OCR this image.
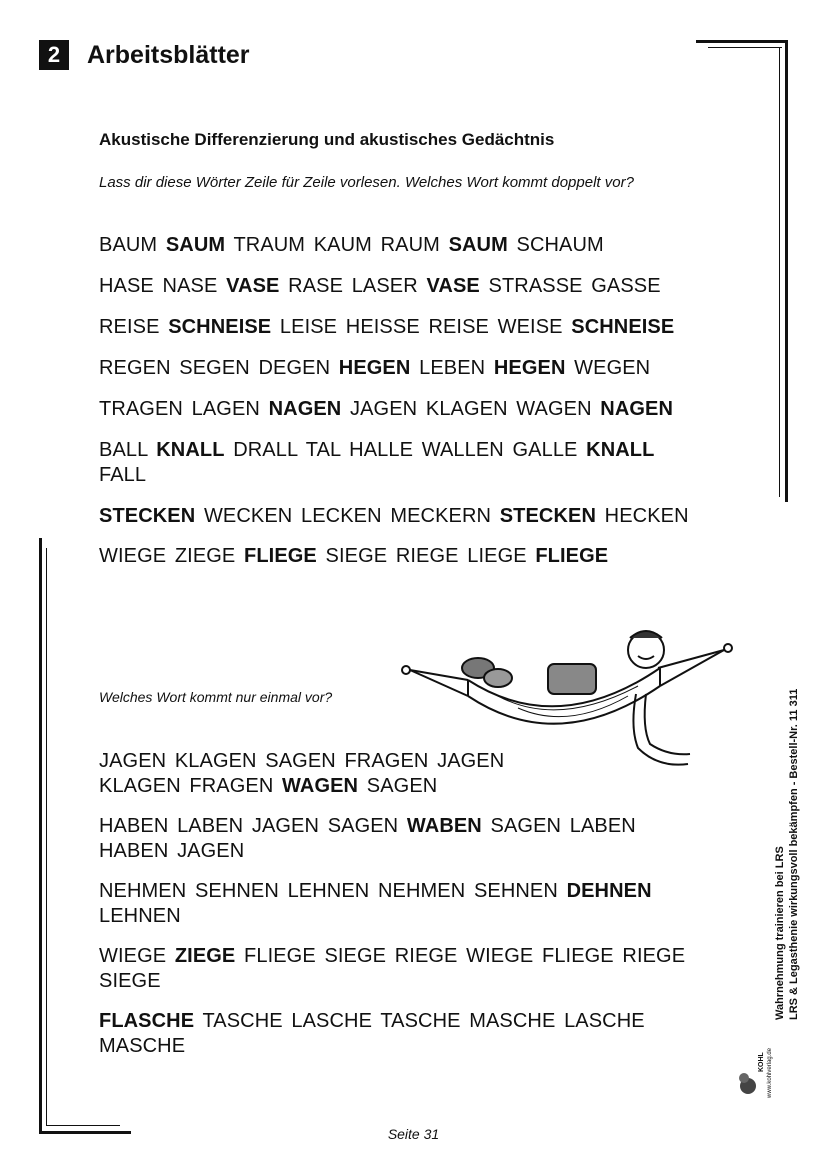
2	Arbeitsblätter
Akustische Differenzierung und akustisches Gedächtnis
Lass dir diese Wörter Zeile für Zeile vorlesen. Welches Wort kommt doppelt vor?
BAUM SAUM TRAUM KAUM RAUM SAUM SCHAUM
HASE NASE VASE RASE LASER VASE STRASSE GASSE
REISE SCHNEISE LEISE HEISSE REISE WEISE SCHNEISE
REGEN SEGEN DEGEN HEGEN LEBEN HEGEN WEGEN
TRAGEN LAGEN NAGEN JAGEN KLAGEN WAGEN NAGEN
BALL KNALL DRALL TAL HALLE WALLEN GALLE KNALL FALL
STECKEN WECKEN LECKEN MECKERN STECKEN HECKEN
WIEGE ZIEGE FLIEGE SIEGE RIEGE LIEGE FLIEGE
Welches Wort kommt nur einmal vor?
JAGEN KLAGEN SAGEN FRAGEN JAGEN KLAGEN FRAGEN WAGEN SAGEN
HABEN LABEN JAGEN SAGEN WABEN SAGEN LABEN HABEN JAGEN
NEHMEN SEHNEN LEHNEN NEHMEN SEHNEN DEHNEN LEHNEN
WIEGE ZIEGE FLIEGE SIEGE RIEGE WIEGE FLIEGE RIEGE SIEGE
FLASCHE TASCHE LASCHE TASCHE MASCHE LASCHE MASCHE
Wahrnehmung trainieren bei LRS LRS & Legasthenie wirkungsvoll bekämpfen - Bestell-Nr. 11 311
KOHL www.kohlverlag.de
Seite 31
